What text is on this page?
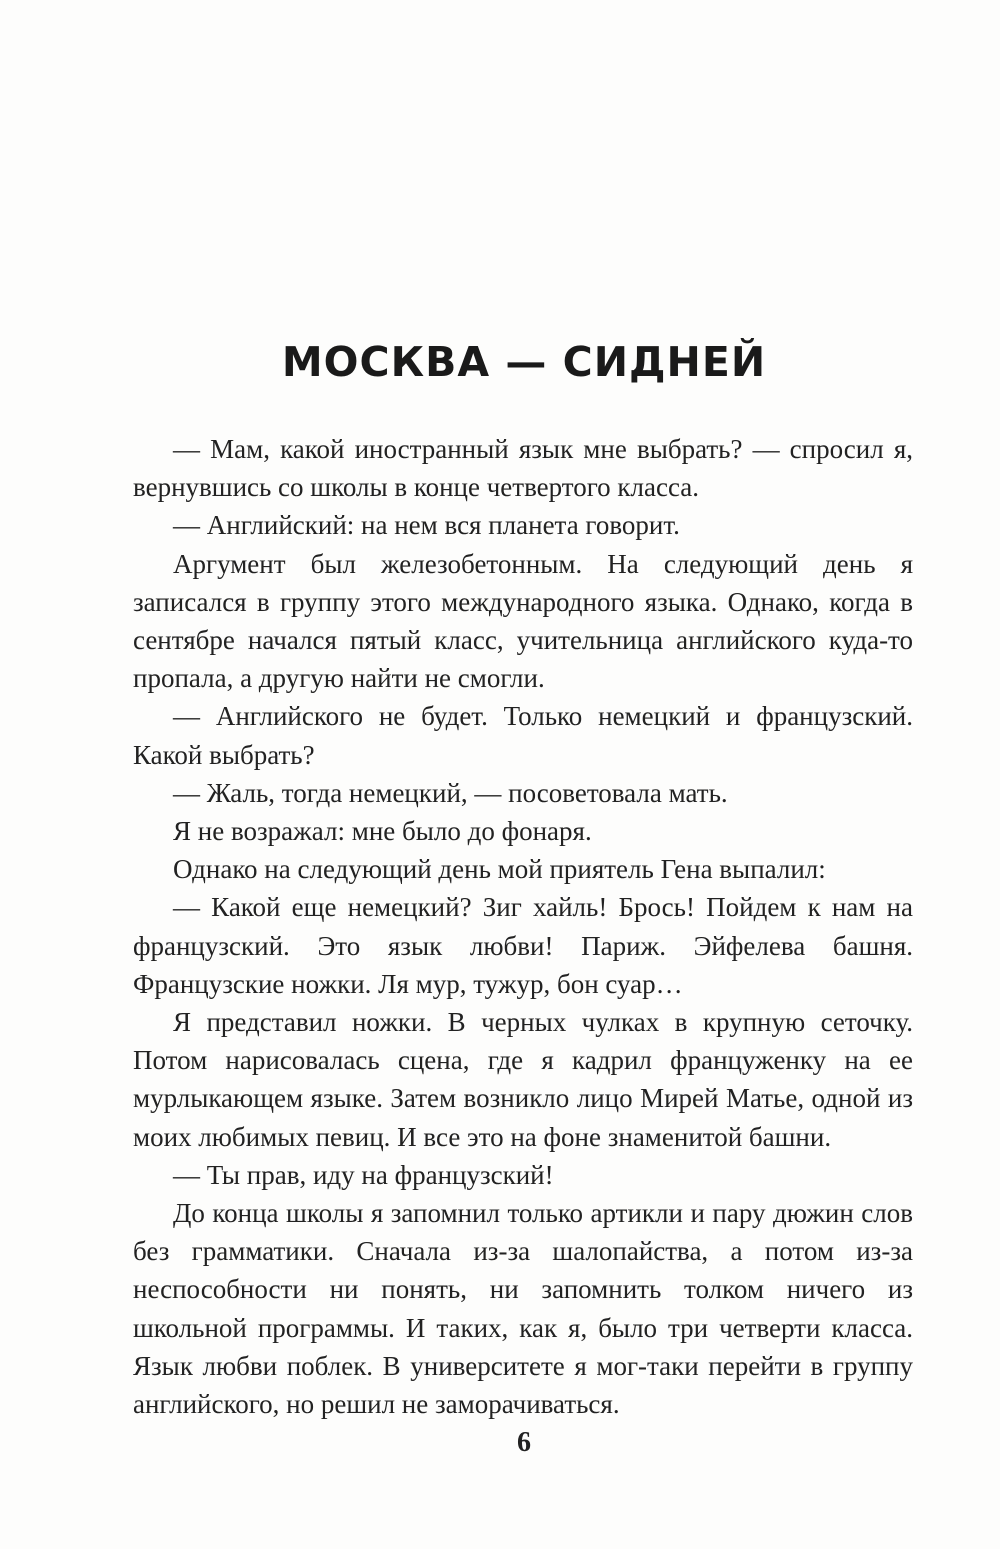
МОСКВА — СИДНЕЙ

— Мам, какой иностранный язык мне выбрать? — спросил я, вернувшись со школы в конце четвертого класса.

— Английский: на нем вся планета говорит.

Аргумент был железобетонным. На следующий день я записался в группу этого международного языка. Однако, когда в сентябре начался пятый класс, учительница английского куда-то пропала, а другую найти не смогли.

— Английского не будет. Только немецкий и французский. Какой выбрать?

— Жаль, тогда немецкий, — посоветовала мать.

Я не возражал: мне было до фонаря.

Однако на следующий день мой приятель Гена выпалил:

— Какой еще немецкий? Зиг хайль! Брось! Пойдем к нам на французский. Это язык любви! Париж. Эйфелева башня. Французские ножки. Ля мур, тужур, бон суар…

Я представил ножки. В черных чулках в крупную сеточку. Потом нарисовалась сцена, где я кадрил француженку на ее мурлыкающем языке. Затем возникло лицо Мирей Матье, одной из моих любимых певиц. И все это на фоне знаменитой башни.

— Ты прав, иду на французский!

До конца школы я запомнил только артикли и пару дюжин слов без грамматики. Сначала из-за шалопайства, а потом из-за неспособности ни понять, ни запомнить толком ничего из школьной программы. И таких, как я, было три четверти класса. Язык любви поблек. В университете я мог-таки перейти в группу английского, но решил не заморачиваться.

6
